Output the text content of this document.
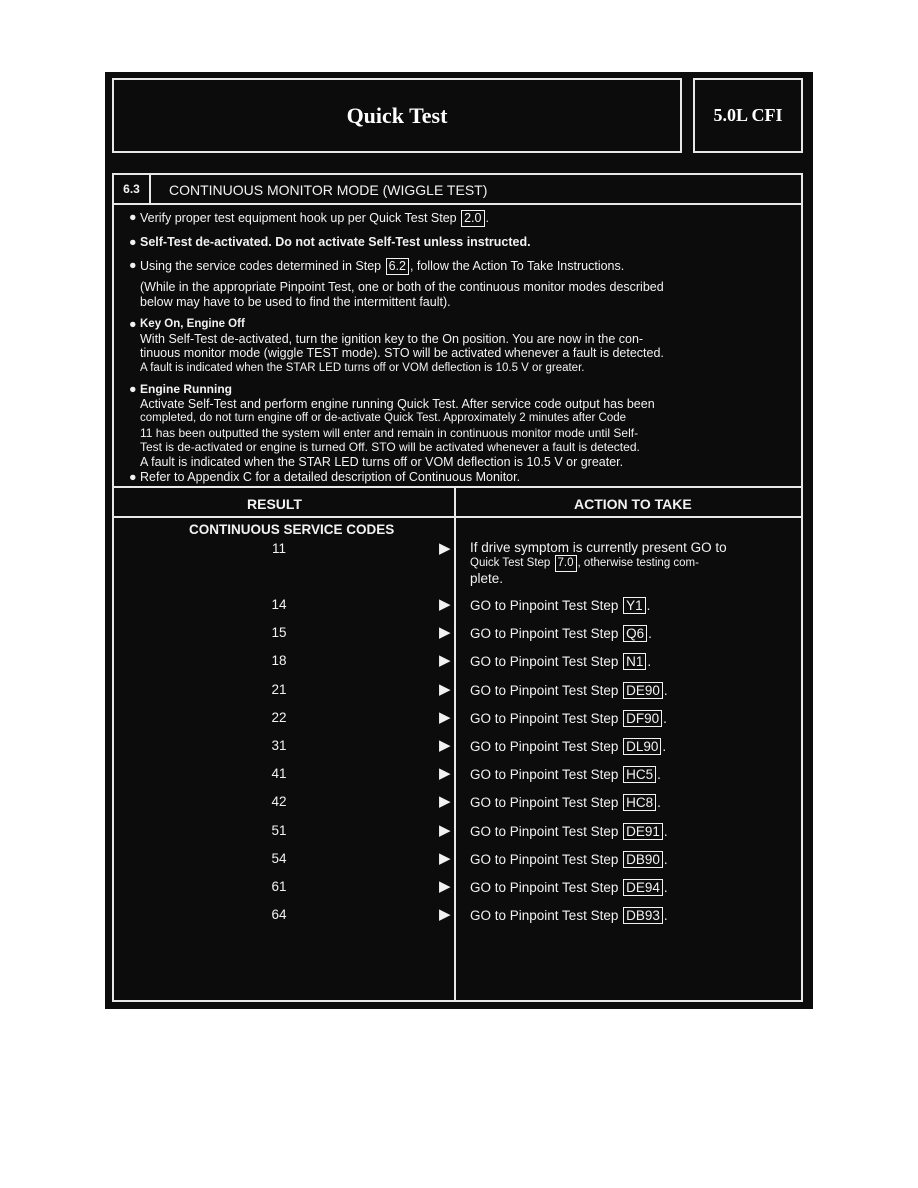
Quick Test	5.0L CFI
6.3	CONTINUOUS MONITOR MODE (WIGGLE TEST)
● Verify proper test equipment hook up per Quick Test Step 2.0 .
● Self-Test de-activated. Do not activate Self-Test unless instructed.
● Using the service codes determined in Step 6.2 , follow the Action To Take Instructions.
(While in the appropriate Pinpoint Test, one or both of the continuous monitor modes described
below may have to be used to find the intermittent fault).
● Key On, Engine Off
With Self-Test de-activated, turn the ignition key to the On position. You are now in the con-
tinuous monitor mode (wiggle TEST mode). STO will be activated whenever a fault is detected.
A fault is indicated when the STAR LED turns off or VOM deflection is 10.5 V or greater.
● Engine Running
Activate Self-Test and perform engine running Quick Test. After service code output has been
completed, do not turn engine off or de-activate Quick Test. Approximately 2 minutes after Code
11 has been outputted the system will enter and remain in continuous monitor mode until Self-
Test is de-activated or engine is turned Off. STO will be activated whenever a fault is detected.
A fault is indicated when the STAR LED turns off or VOM deflection is 10.5 V or greater.
● Refer to Appendix C for a detailed description of Continuous Monitor.
RESULT	ACTION TO TAKE
CONTINUOUS SERVICE CODES
11	▶ If drive symptom is currently present GO to
Quick Test Step 7.0 , otherwise testing com-
plete.
14	▶ GO to Pinpoint Test Step Y1 .
15	▶ GO to Pinpoint Test Step Q6 .
18	▶ GO to Pinpoint Test Step N1 .
21	▶ GO to Pinpoint Test Step DE90 .
22	▶ GO to Pinpoint Test Step DF90 .
31	▶ GO to Pinpoint Test Step DL90 .
41	▶ GO to Pinpoint Test Step HC5 .
42	▶ GO to Pinpoint Test Step HC8 .
51	▶ GO to Pinpoint Test Step DE91 .
54	▶ GO to Pinpoint Test Step DB90 .
61	▶ GO to Pinpoint Test Step DE94 .
64	▶ GO to Pinpoint Test Step DB93 .
